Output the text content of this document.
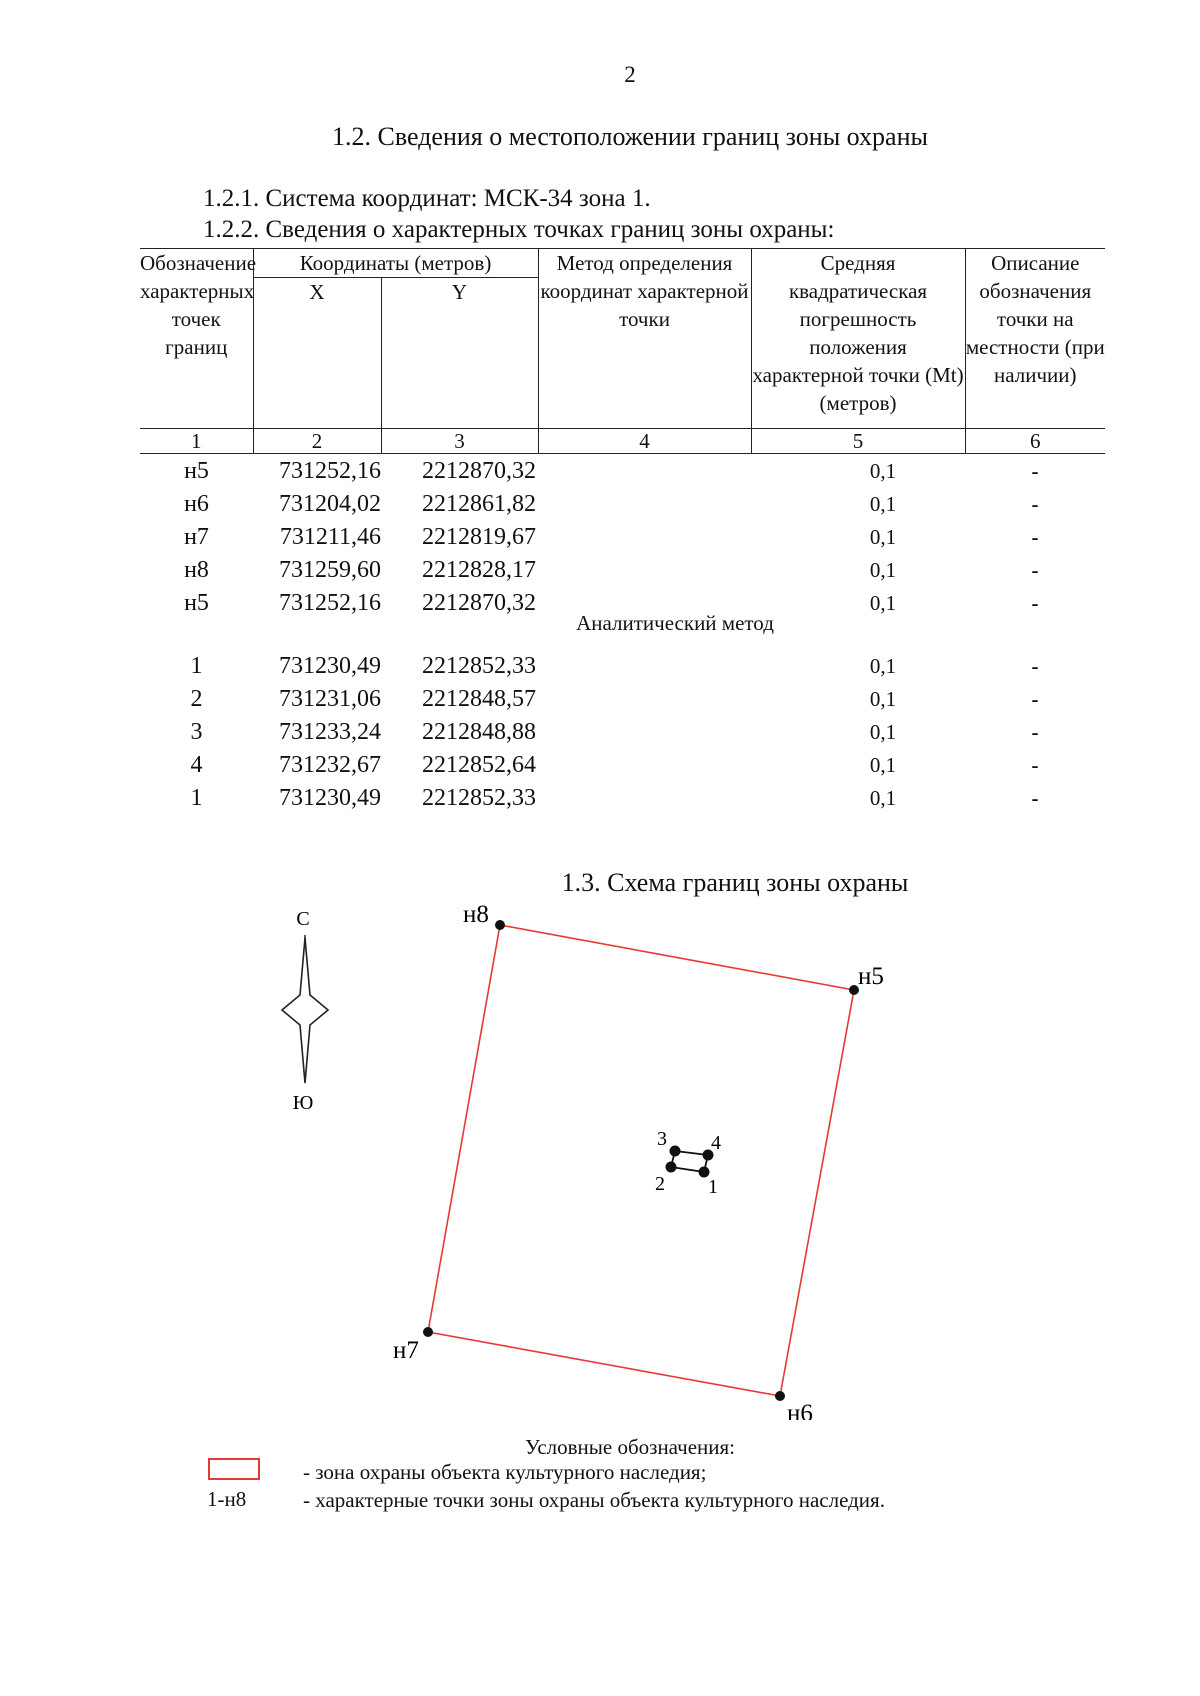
2
1.2. Сведения о местоположении границ зоны охраны
1.2.1. Система координат: МСК-34 зона 1.
1.2.2. Сведения о характерных точках границ зоны охраны:
Обозначение характерных точек границ	Координаты (метров)		Метод определения координат характерной точки	Средняя квадратическая погрешность положения характерной точки (Mt) (метров)	Описание обозначения точки на местности (при наличии)
	X	Y			
1	2	3	4	5	6
н5	731252,16	2212870,32		0,1	-
н6	731204,02	2212861,82		0,1	-
н7	731211,46	2212819,67		0,1	-
н8	731259,60	2212828,17		0,1	-
н5	731252,16	2212870,32		0,1	-

1	731230,49	2212852,33		0,1	-
2	731231,06	2212848,57		0,1	-
3	731233,24	2212848,88		0,1	-
4	731232,67	2212852,64		0,1	-
1	731230,49	2212852,33		0,1	-
Аналитический метод
1.3. Схема границ зоны охраны
С
Ю
н8
н5
н6
н7
3 4
2 1
Условные обозначения:
1-н8
- зона охраны объекта культурного наследия;
- характерные точки зоны охраны объекта культурного наследия.
